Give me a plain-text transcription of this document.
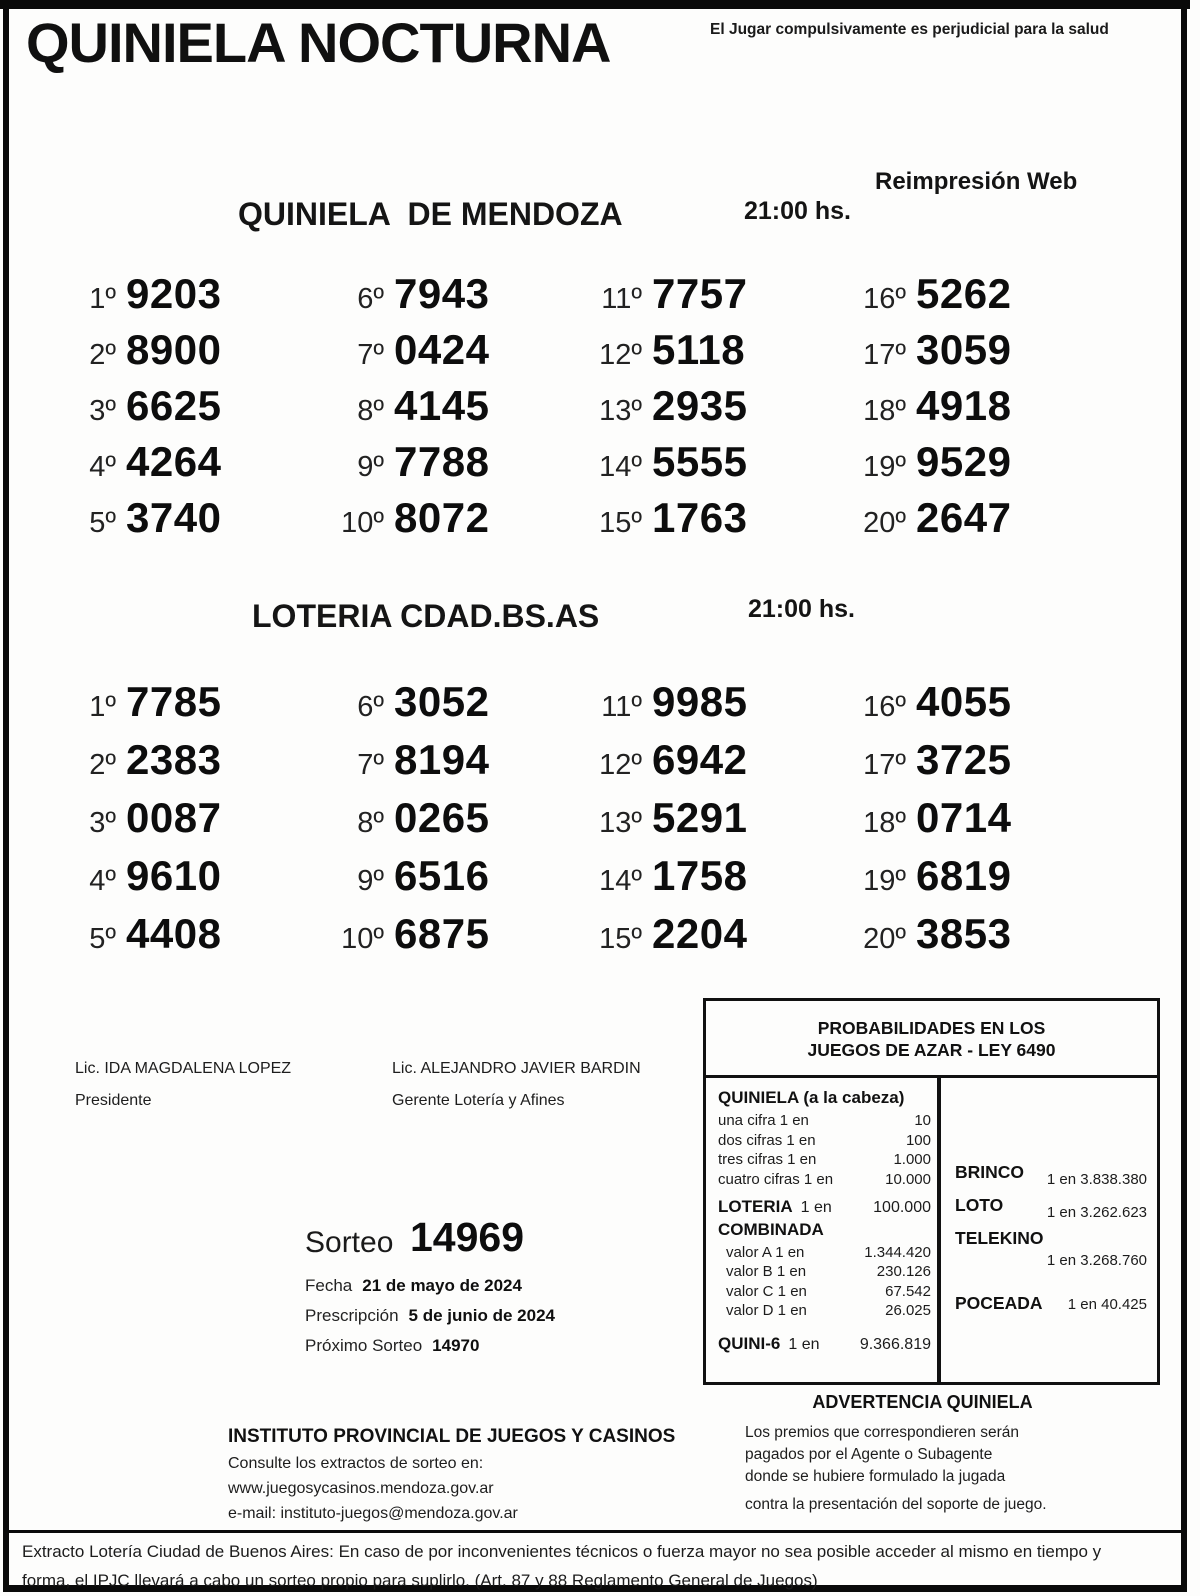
QUINIELA NOCTURNA	El Jugar compulsivamente es perjudicial para la salud
QUINIELA  DE MENDOZA	21:00 hs.
Reimpresión Web
1º 9203
2º 8900
3º 6625
4º 4264
5º 3740
6º 7943
7º 0424
8º 4145
9º 7788
10º 8072
11º 7757
12º 5118
13º 2935
14º 5555
15º 1763
16º 5262
17º 3059
18º 4918
19º 9529
20º 2647
LOTERIA CDAD.BS.AS	21:00 hs.
1º 7785
2º 2383
3º 0087
4º 9610
5º 4408
6º 3052
7º 8194
8º 0265
9º 6516
10º 6875
11º 9985
12º 6942
13º 5291
14º 1758
15º 2204
16º 4055
17º 3725
18º 0714
19º 6819
20º 3853
Lic. IDA MAGDALENA LOPEZ
Presidente
Lic. ALEJANDRO JAVIER BARDIN
Gerente Lotería y Afines
Sorteo 14969
Fecha 21 de mayo de 2024
Prescripción 5 de junio de 2024
Próximo Sorteo 14970
PROBABILIDADES EN LOS
JUEGOS DE AZAR - LEY 6490
QUINIELA (a la cabeza)
una cifra 1 en	10
dos cifras 1 en	100
tres cifras 1 en	1.000
cuatro cifras 1 en	10.000
LOTERIA 1 en	100.000
COMBINADA
valor A 1 en	1.344.420
valor B 1 en	230.126
valor C 1 en	67.542
valor D 1 en	26.025
QUINI-6 1 en	9.366.819
BRINCO 1 en 3.838.380
LOTO	1 en 3.262.623
TELEKINO
1 en 3.268.760
POCEADA 1 en 40.425
ADVERTENCIA QUINIELA
Los premios que correspondieren serán
pagados por el Agente o Subagente
donde se hubiere formulado la jugada
contra la presentación del soporte de juego.
INSTITUTO PROVINCIAL DE JUEGOS Y CASINOS
Consulte los extractos de sorteo en:
www.juegosycasinos.mendoza.gov.ar
e-mail: instituto-juegos@mendoza.gov.ar
Extracto Lotería Ciudad de Buenos Aires: En caso de por inconvenientes técnicos o fuerza mayor no sea posible acceder al mismo en tiempo y
forma, el IPJC llevará a cabo un sorteo propio para suplirlo. (Art. 87 y 88 Reglamento General de Juegos)
